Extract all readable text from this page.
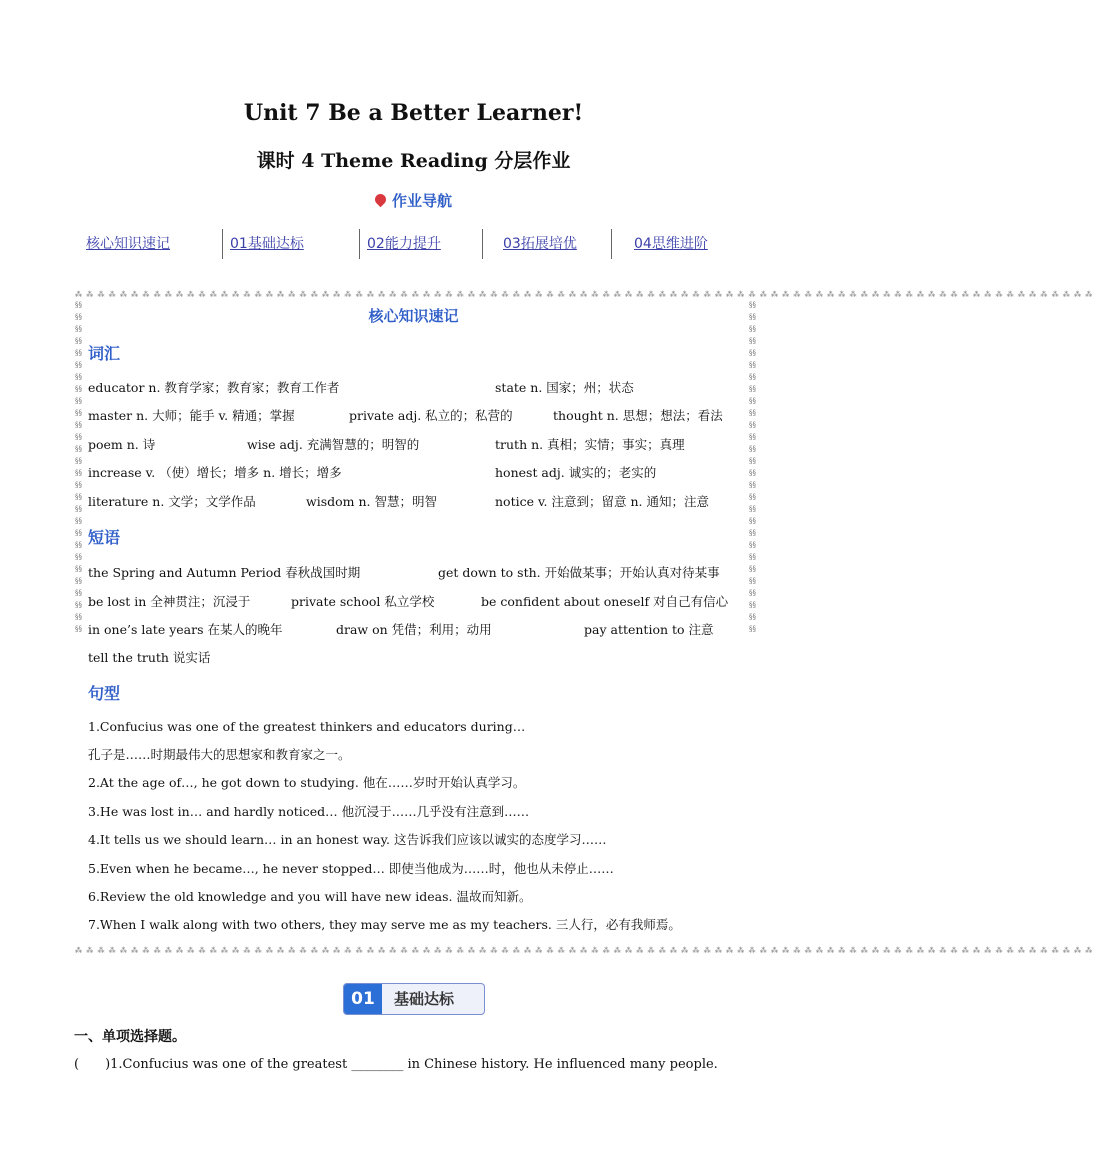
Unit 7 Be a Better Learner!
课时 4 Theme Reading 分层作业
作业导航
核心知识速记	01基础达标	02能力提升	03拓展培优	04思维进阶
⁂ ⁂ ⁂ ⁂ ⁂ ⁂ ⁂ ⁂ ⁂ ⁂ ⁂ ⁂ ⁂ ⁂ ⁂ ⁂ ⁂ ⁂ ⁂ ⁂ ⁂ ⁂ ⁂ ⁂ ⁂ ⁂ ⁂ ⁂ ⁂ ⁂ ⁂ ⁂ ⁂ ⁂ ⁂ ⁂ ⁂ ⁂ ⁂ ⁂ ⁂ ⁂ ⁂ ⁂ ⁂ ⁂ ⁂ ⁂ ⁂ ⁂ ⁂ ⁂ ⁂ ⁂ ⁂ ⁂ ⁂ ⁂ ⁂ ⁂ ⁂ ⁂ ⁂ ⁂ ⁂ ⁂ ⁂ ⁂ ⁂ ⁂ ⁂ ⁂ ⁂ ⁂ ⁂ ⁂ ⁂ ⁂ ⁂ ⁂ ⁂ ⁂ ⁂ ⁂ ⁂ ⁂ ⁂ ⁂ ⁂ ⁂ ⁂
⁂ ⁂ ⁂ ⁂ ⁂ ⁂ ⁂ ⁂ ⁂ ⁂ ⁂ ⁂ ⁂ ⁂ ⁂ ⁂ ⁂ ⁂ ⁂ ⁂ ⁂ ⁂ ⁂ ⁂ ⁂ ⁂ ⁂ ⁂ ⁂ ⁂ ⁂ ⁂ ⁂ ⁂ ⁂ ⁂ ⁂ ⁂ ⁂ ⁂ ⁂ ⁂ ⁂ ⁂ ⁂ ⁂ ⁂ ⁂ ⁂ ⁂ ⁂ ⁂ ⁂ ⁂ ⁂ ⁂ ⁂ ⁂ ⁂ ⁂ ⁂ ⁂ ⁂ ⁂ ⁂ ⁂ ⁂ ⁂ ⁂ ⁂ ⁂ ⁂ ⁂ ⁂ ⁂ ⁂ ⁂ ⁂ ⁂ ⁂ ⁂ ⁂ ⁂ ⁂ ⁂ ⁂ ⁂ ⁂ ⁂ ⁂ ⁂
§§§§§§§§§§§§§§§§§§§§§§§§§§§§§§§§§§§§§§§§§§§§§§§§§§§§§§§§
§§§§§§§§§§§§§§§§§§§§§§§§§§§§§§§§§§§§§§§§§§§§§§§§§§§§§§§§
核心知识速记
词汇
educator n. 教育学家；教育家；教育工作者	state n. 国家；州；状态
master n. 大师；能手 v. 精通；掌握	private adj. 私立的；私营的	thought n. 思想；想法；看法
poem n. 诗	wise adj. 充满智慧的；明智的	truth n. 真相；实情；事实；真理
increase v. （使）增长；增多 n. 增长；增多	honest adj. 诚实的；老实的
literature n. 文学；文学作品	wisdom n. 智慧；明智	notice v. 注意到；留意 n. 通知；注意
短语
the Spring and Autumn Period 春秋战国时期	get down to sth. 开始做某事；开始认真对待某事
be lost in 全神贯注；沉浸于	private school 私立学校	be confident about oneself 对自己有信心
in one’s late years 在某人的晚年	draw on 凭借；利用；动用	pay attention to 注意
tell the truth 说实话
句型
1.Confucius was one of the greatest thinkers and educators during…
孔子是……时期最伟大的思想家和教育家之一。
2.At the age of…, he got down to studying. 他在……岁时开始认真学习。
3.He was lost in… and hardly noticed… 他沉浸于……几乎没有注意到……
4.It tells us we should learn… in an honest way. 这告诉我们应该以诚实的态度学习……
5.Even when he became…, he never stopped… 即使当他成为……时，他也从未停止……
6.Review the old knowledge and you will have new ideas. 温故而知新。
7.When I walk along with two others, they may serve me as my teachers. 三人行，必有我师焉。
01	基础达标
一、单项选择题。
(　　)1.Confucius was one of the greatest ________ in Chinese history. He influenced many people.
